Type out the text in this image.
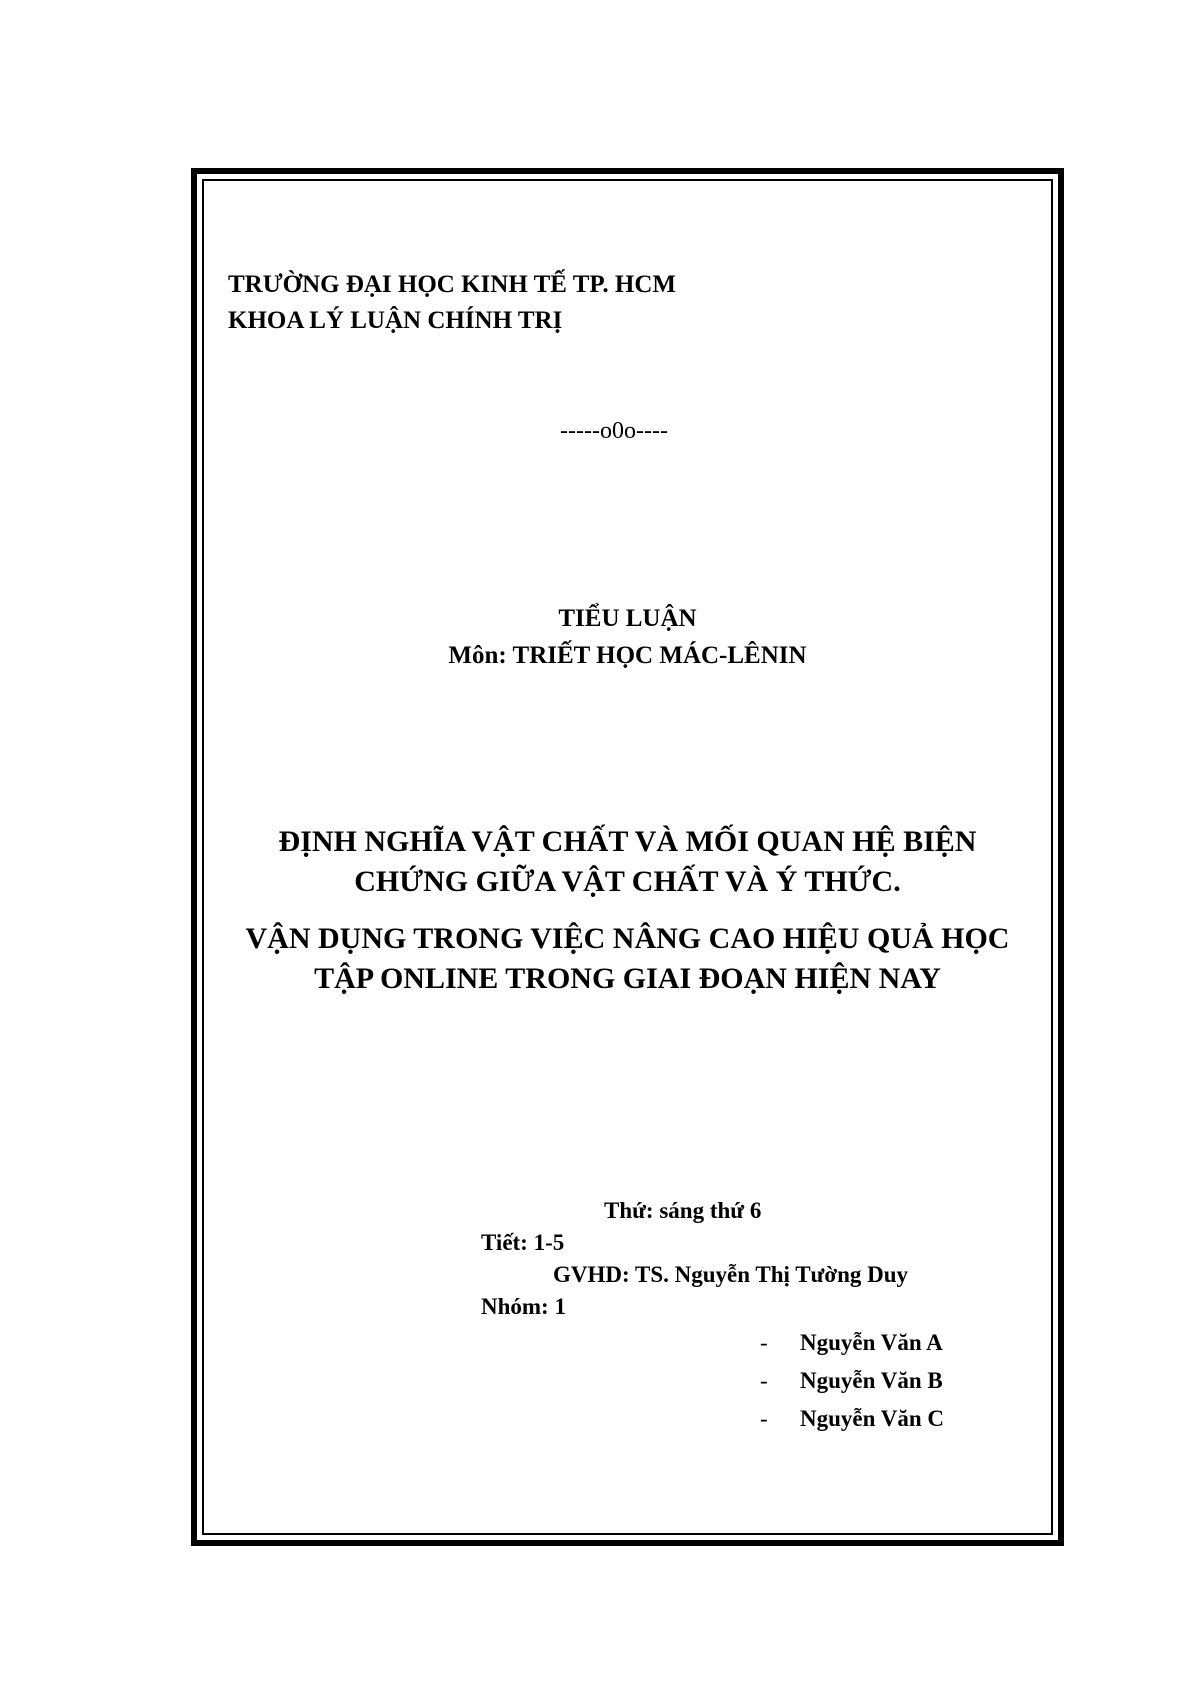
TRƯỜNG ĐẠI HỌC KINH TẾ TP. HCM

KHOA LÝ LUẬN CHÍNH TRỊ

-----o0o----

TIỂU LUẬN

Môn: TRIẾT HỌC MÁC-LÊNIN

ĐỊNH NGHĨA VẬT CHẤT VÀ MỐI QUAN HỆ BIỆN

CHỨNG GIỮA VẬT CHẤT VÀ Ý THỨC.

VẬN DỤNG TRONG VIỆC NÂNG CAO HIỆU QUẢ HỌC

TẬP ONLINE TRONG GIAI ĐOẠN HIỆN NAY

Thứ: sáng thứ 6

Tiết: 1-5

GVHD: TS. Nguyễn Thị Tường Duy

Nhóm: 1

- Nguyễn Văn A
- Nguyễn Văn B
- Nguyễn Văn C
